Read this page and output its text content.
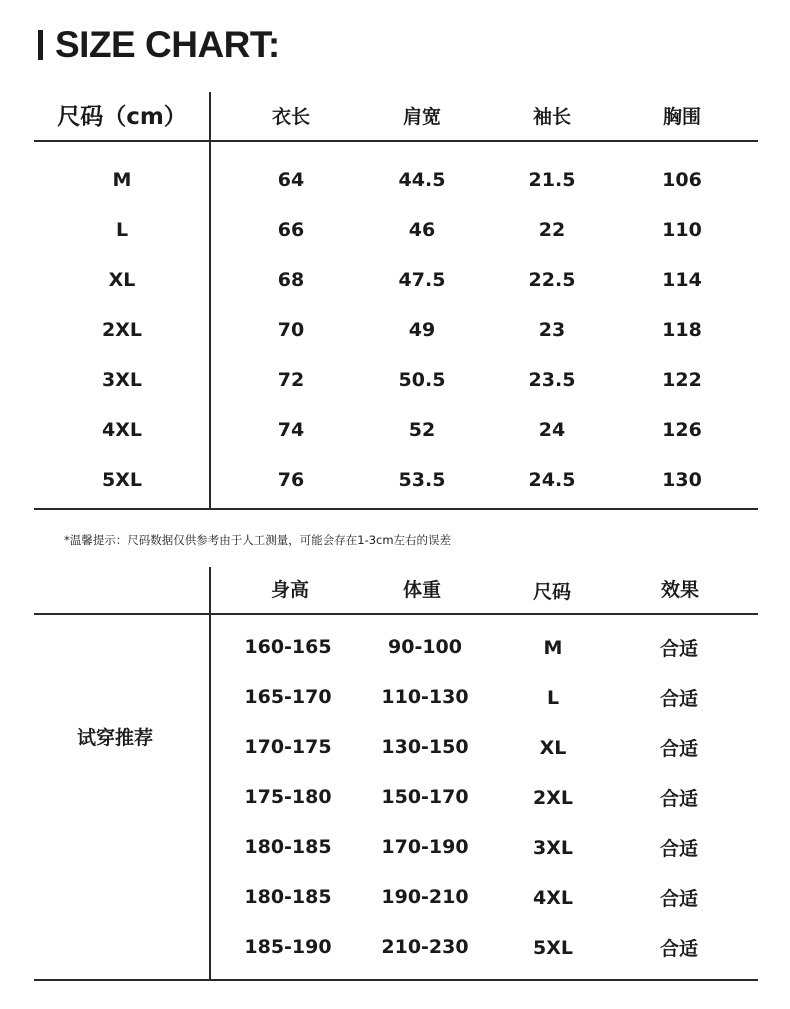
SIZE CHART:
尺码（cm）	衣长	肩宽	袖长	胸围
M	64	44.5	21.5	106
L	66	46	22	110
XL	68	47.5	22.5	114
2XL	70	49	23	118
3XL	72	50.5	23.5	122
4XL	74	52	24	126
5XL	76	53.5	24.5	130
*温馨提示：尺码数据仅供参考由于人工测量，可能会存在1-3cm左右的误差
试穿推荐
身高	体重	尺码	效果
160-165	90-100	M	合适
165-170	110-130	L	合适
170-175	130-150	XL	合适
175-180	150-170	2XL	合适
180-185	170-190	3XL	合适
180-185	190-210	4XL	合适
185-190	210-230	5XL	合适
